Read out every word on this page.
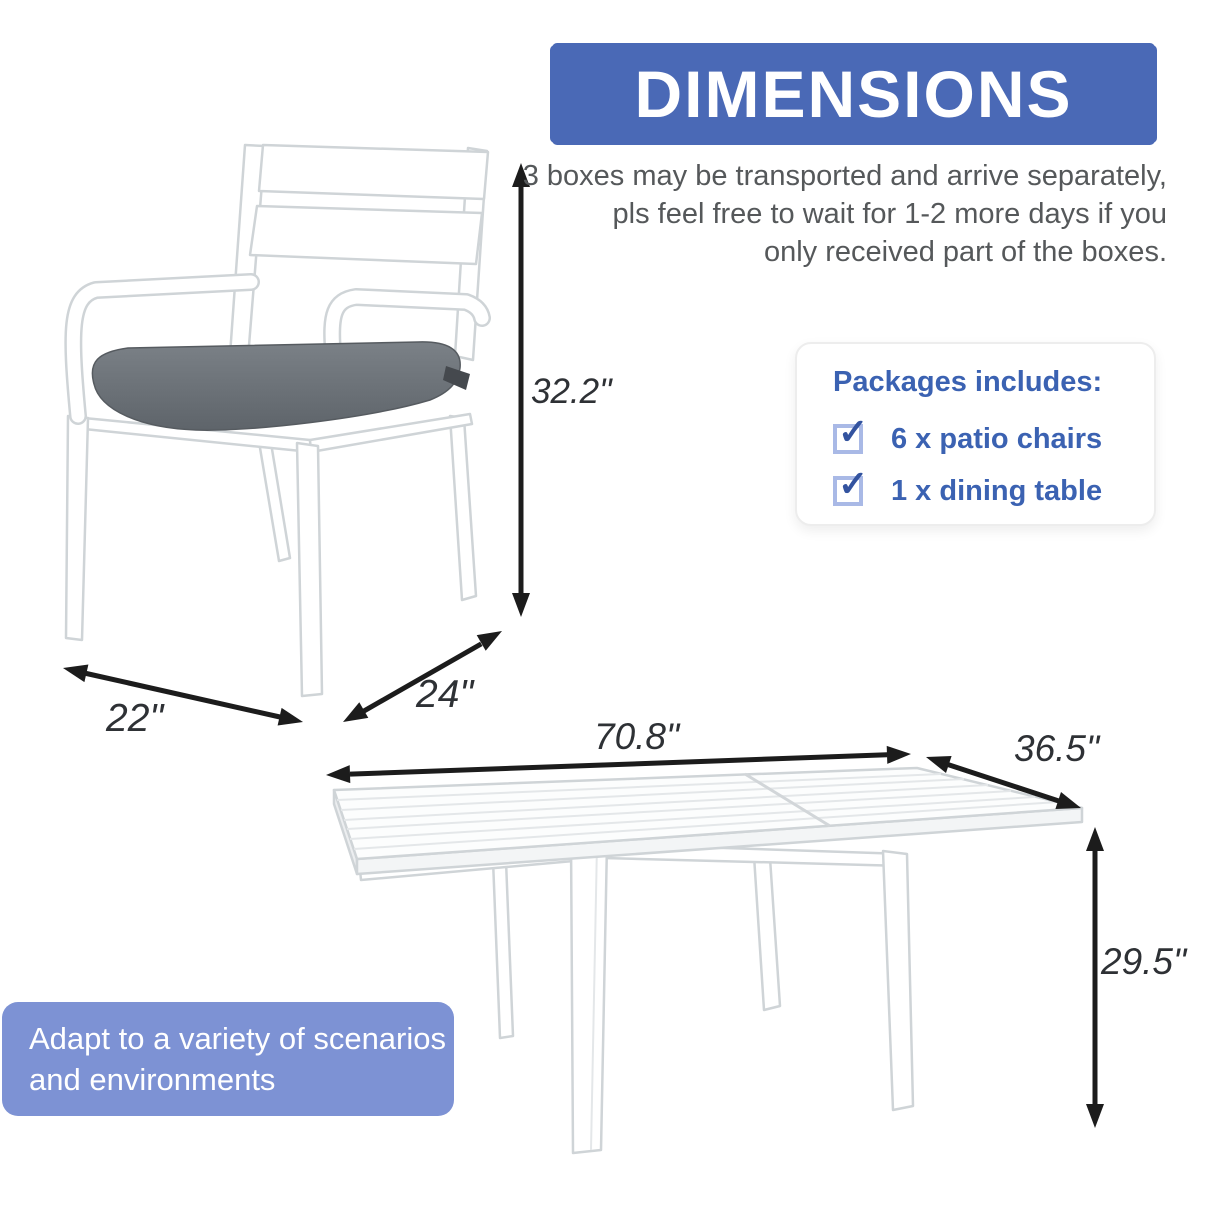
DIMENSIONS
3 boxes may be transported and arrive separately,
pls feel free to wait for 1-2 more days if you
only received part of the boxes.
Packages includes:
✓ 6 x patio chairs
✓ 1 x dining table
Adapt to a variety of scenarios
and environments
32.2"
22"
24"
70.8"	36.5"
29.5"
